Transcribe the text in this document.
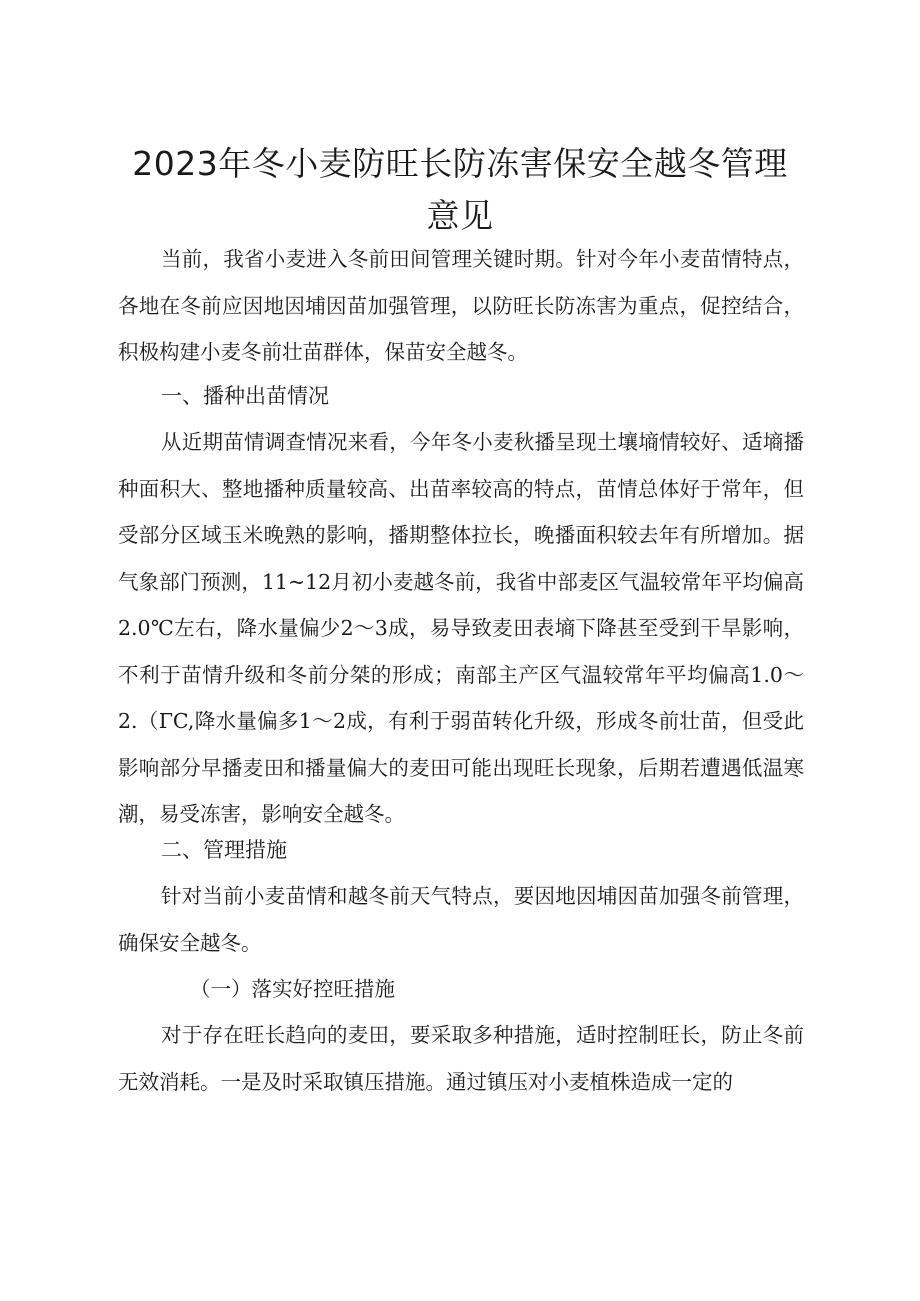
2023年冬小麦防旺长防冻害保安全越冬管理
意见

当前，我省小麦进入冬前田间管理关键时期。针对今年小麦苗情特点，各地在冬前应因地因埔因苗加强管理，以防旺长防冻害为重点，促控结合，积极构建小麦冬前壮苗群体，保苗安全越冬。

一、播种出苗情况

从近期苗情调查情况来看，今年冬小麦秋播呈现土壤墒情较好、适墒播种面积大、整地播种质量较高、出苗率较高的特点，苗情总体好于常年，但受部分区域玉米晚熟的影响，播期整体拉长，晚播面积较去年有所增加。据气象部门预测，11~12月初小麦越冬前，我省中部麦区气温较常年平均偏高2.0℃左右，降水量偏少2～3成，易导致麦田表墒下降甚至受到干旱影响，不利于苗情升级和冬前分桀的形成；南部主产区气温较常年平均偏高1.0～2.（ΓC,降水量偏多1～2成，有利于弱苗转化升级，形成冬前壮苗，但受此影响部分早播麦田和播量偏大的麦田可能出现旺长现象，后期若遭遇低温寒潮，易受冻害，影响安全越冬。

二、管理措施

针对当前小麦苗情和越冬前天气特点，要因地因埔因苗加强冬前管理，确保安全越冬。

（一）落实好控旺措施

对于存在旺长趋向的麦田，要采取多种措施，适时控制旺长，防止冬前无效消耗。一是及时采取镇压措施。通过镇压对小麦植株造成一定的
